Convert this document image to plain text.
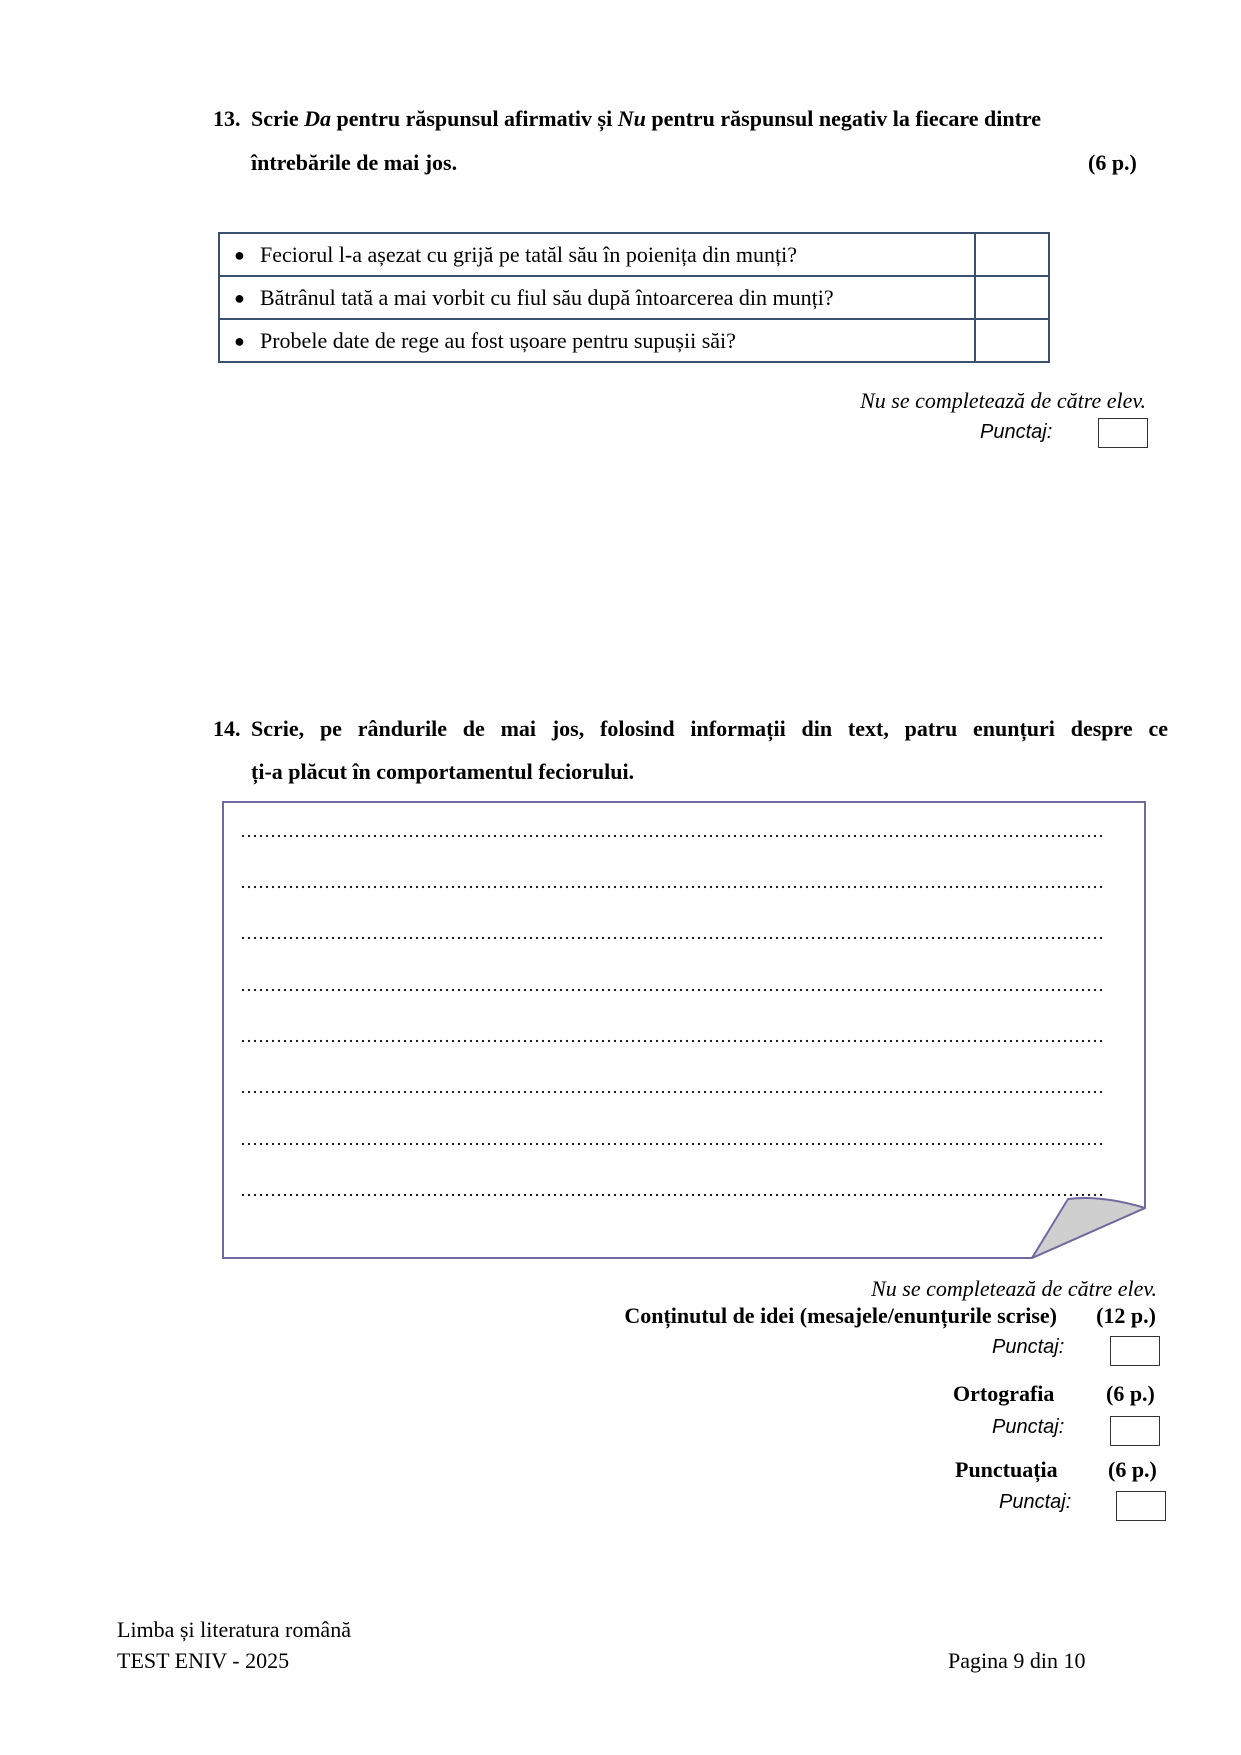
13. Scrie Da pentru răspunsul afirmativ și Nu pentru răspunsul negativ la fiecare dintre
întrebările de mai jos.	(6 p.)
● Feciorul l-a așezat cu grijă pe tatăl său în poienița din munți?	
● Bătrânul tată a mai vorbit cu fiul său după întoarcerea din munți?	
● Probele date de rege au fost ușoare pentru supușii săi?	
Nu se completează de către elev.
Punctaj:
14. Scrie, pe rândurile de mai jos, folosind informații din text, patru enunțuri despre ce
ți-a plăcut în comportamentul feciorului.
Nu se completează de către elev.
Conținutul de idei (mesajele/enunțurile scrise) (12 p.)
Punctaj:
Ortografia (6 p.)
Punctaj:
Punctuația (6 p.)
Punctaj:
Limba și literatura română
TEST ENIV - 2025	Pagina 9 din 10
